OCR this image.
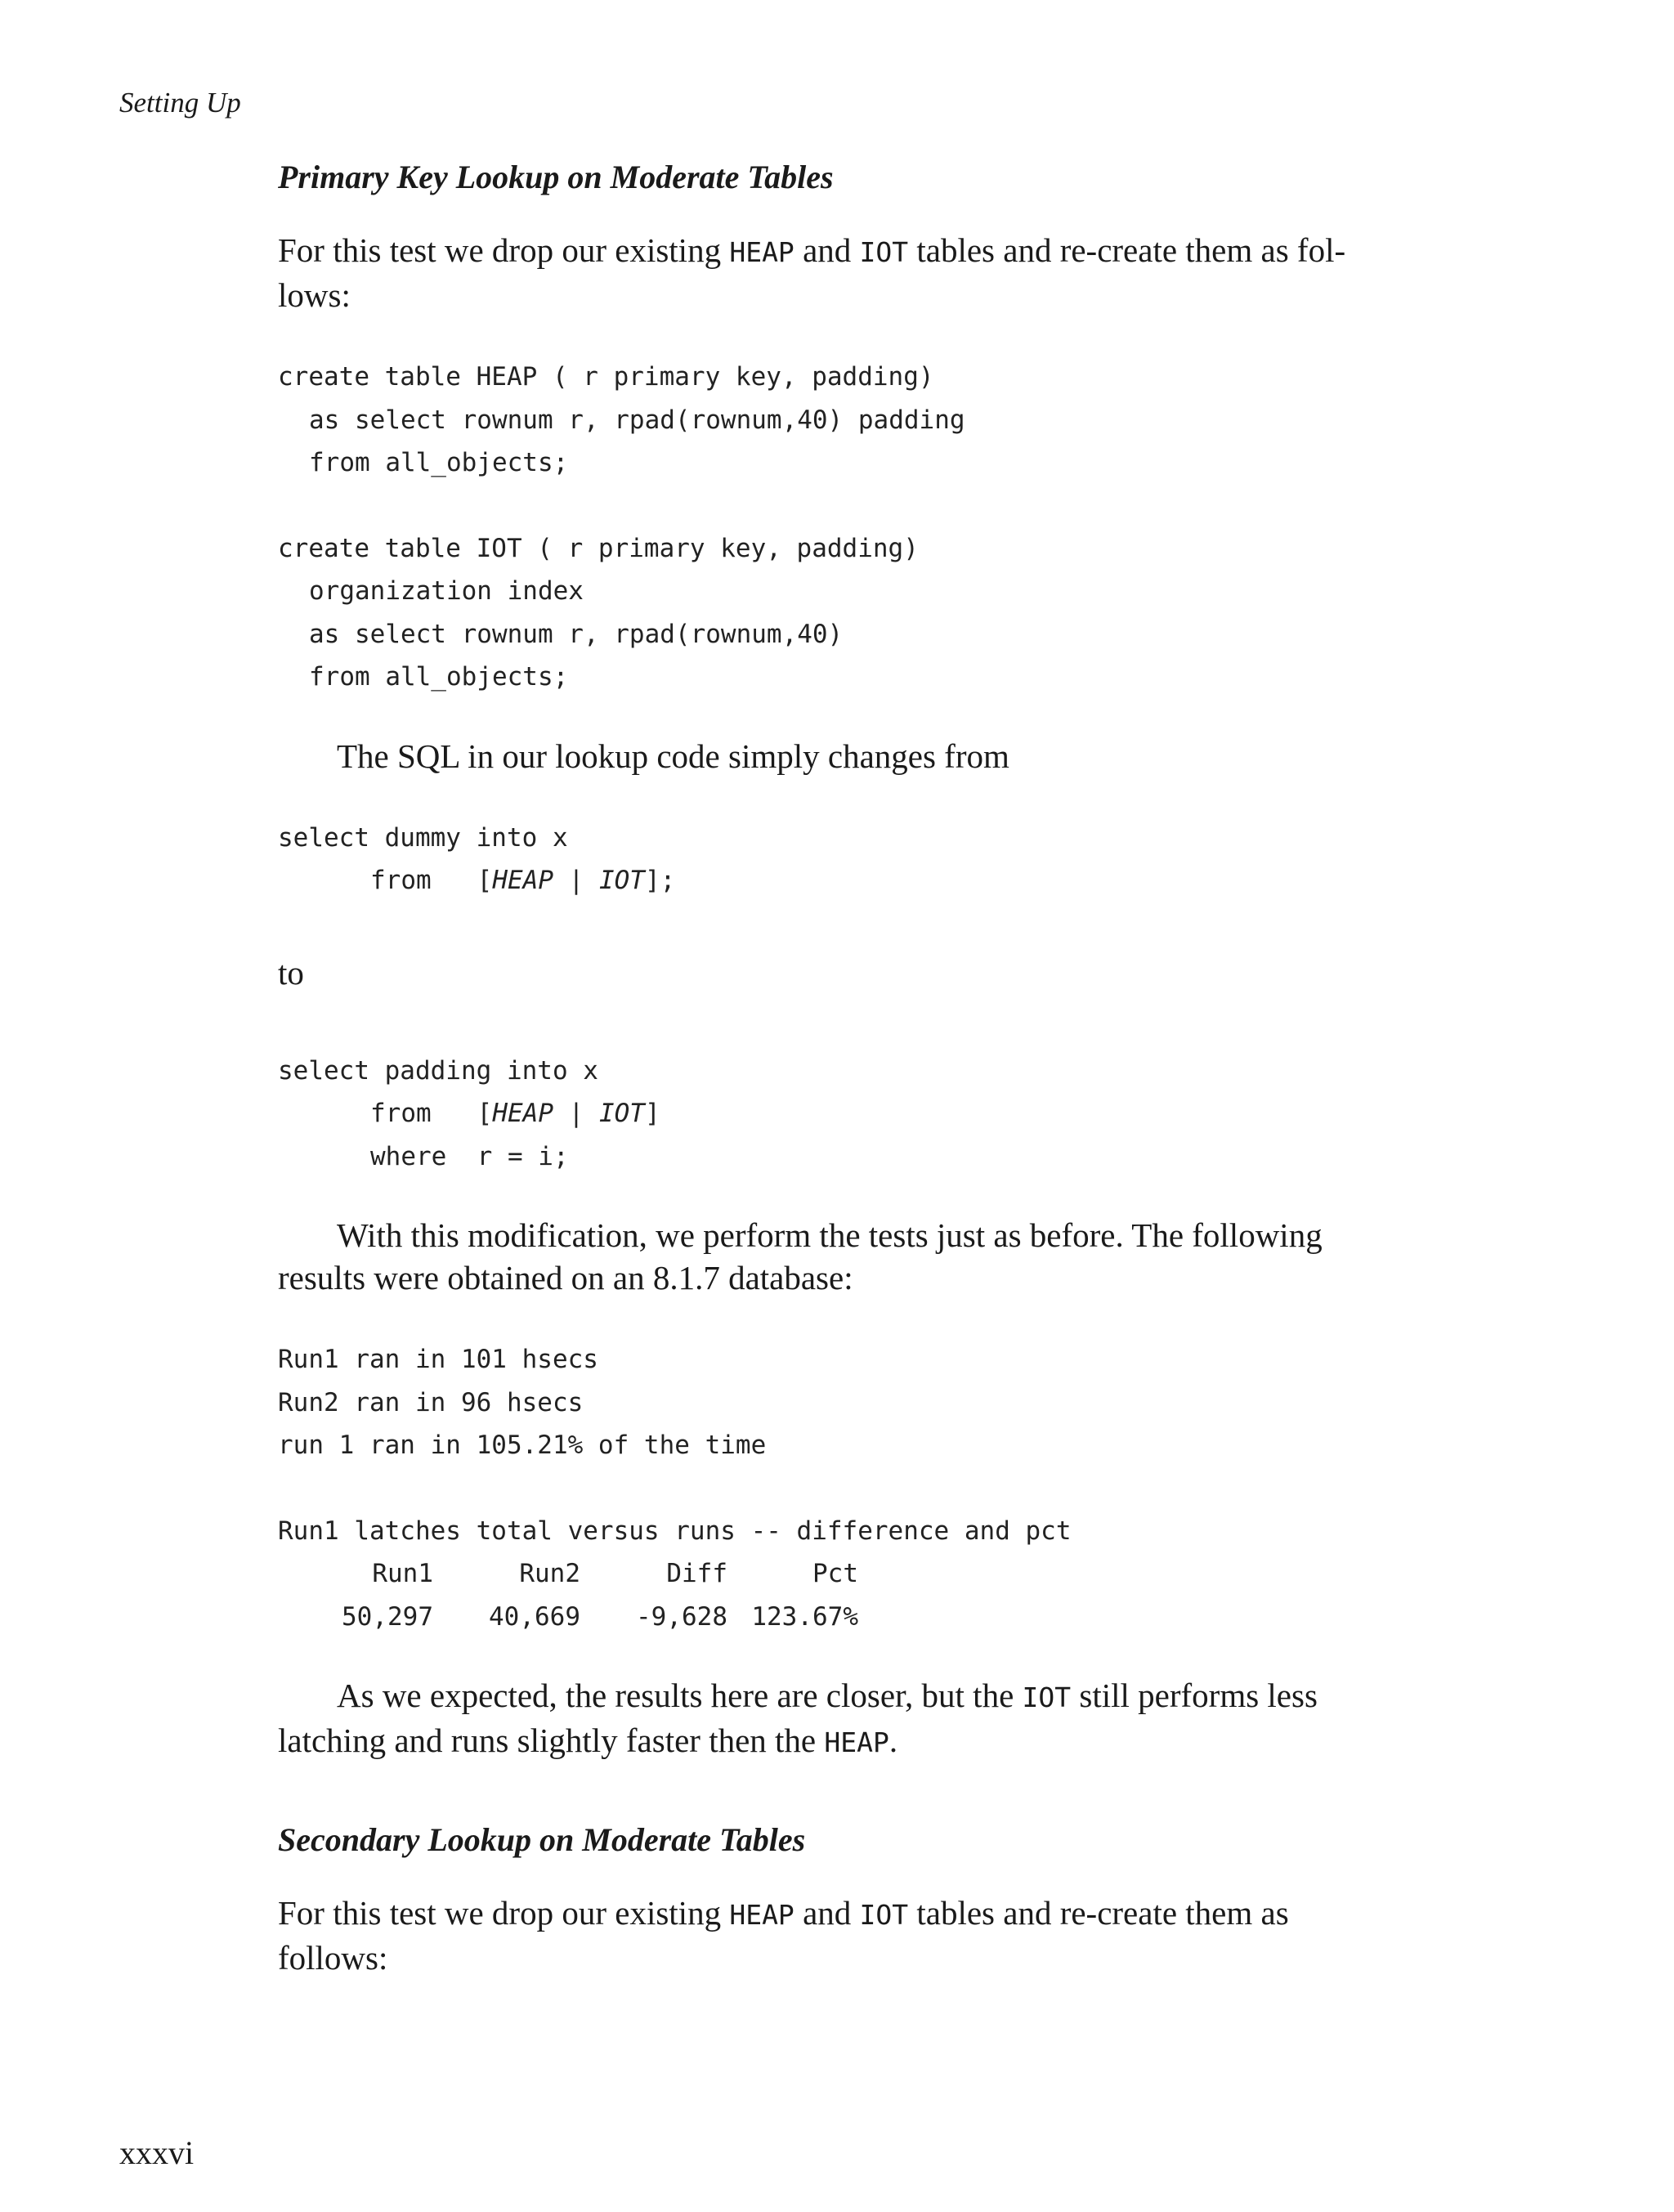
Setting Up
Primary Key Lookup on Moderate Tables

For this test we drop our existing HEAP and IOT tables and re-create them as fol-
lows:

create table HEAP ( r primary key, padding)
as select rownum r, rpad(rownum,40) padding
from all_objects;
create table IOT ( r primary key, padding)
organization index
as select rownum r, rpad(rownum,40)
from all_objects;

The SQL in our lookup code simply changes from

select dummy into x
from   [HEAP | IOT];

to

select padding into x
from   [HEAP | IOT]
where  r = i;

With this modification, we perform the tests just as before. The following
results were obtained on an 8.1.7 database:

Run1 ran in 101 hsecs
Run2 ran in 96 hsecs
run 1 ran in 105.21% of the time
Run1 latches total versus runs -- difference and pct
Run1	Run2	Diff	Pct
50,297	40,669	-9,628 123.67%

As we expected, the results here are closer, but the IOT still performs less
latching and runs slightly faster then the HEAP.

Secondary Lookup on Moderate Tables

For this test we drop our existing HEAP and IOT tables and re-create them as
follows:

xxxvi
